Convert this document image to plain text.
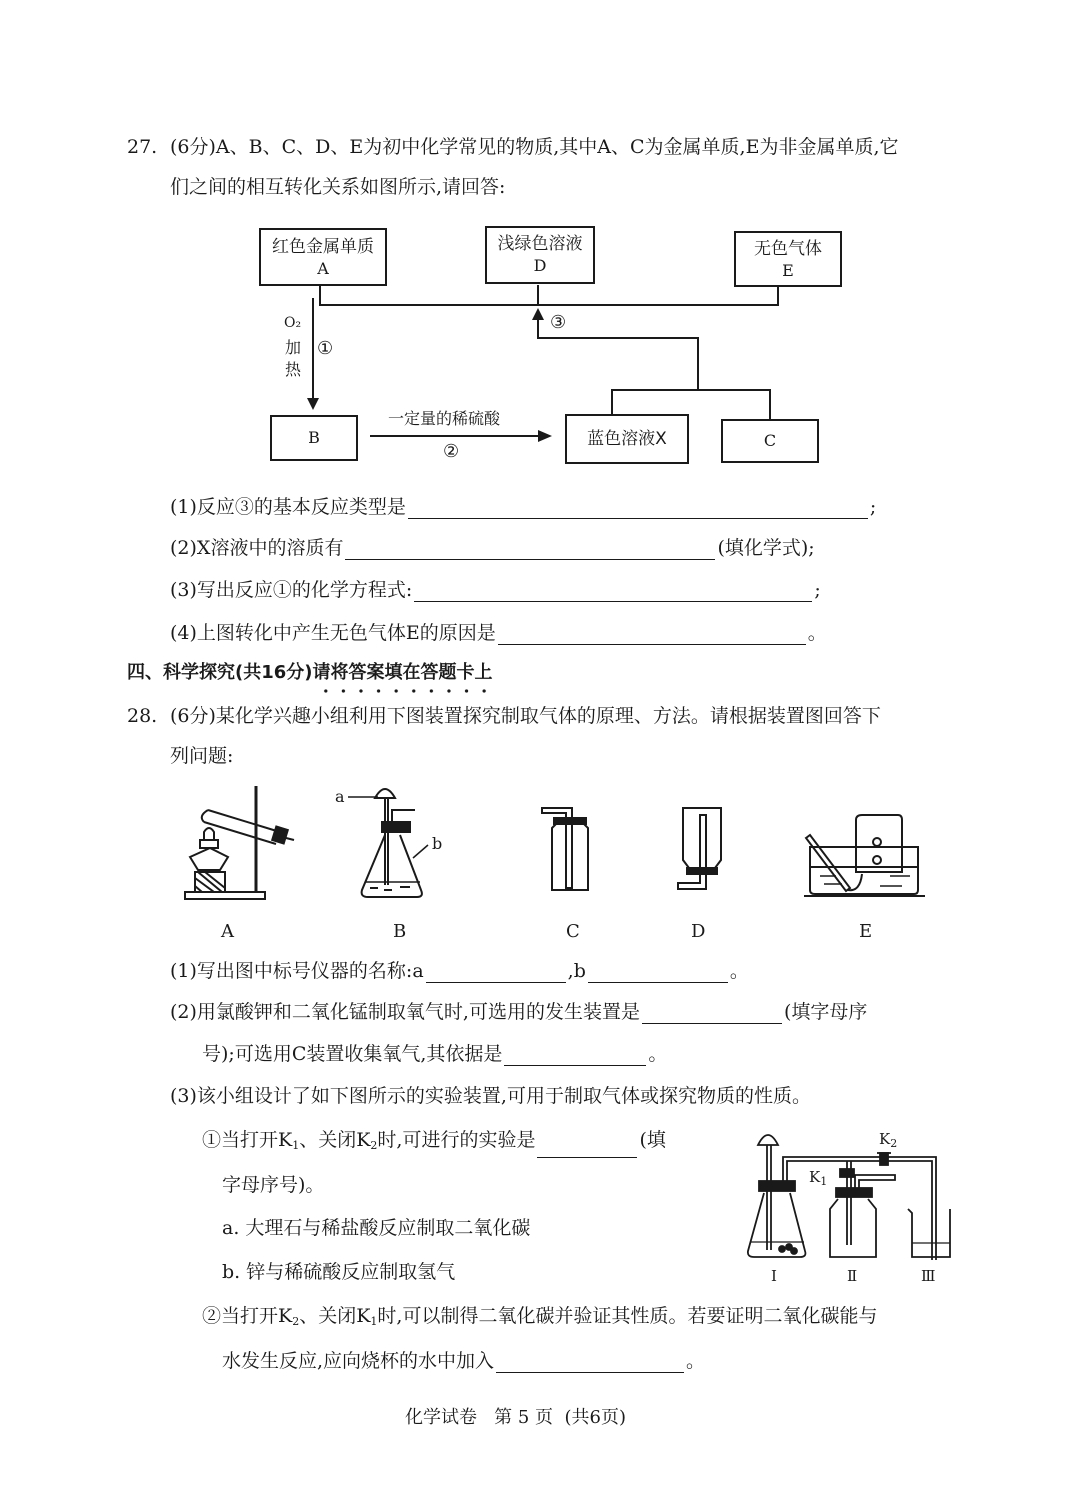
27. (6分)A、B、C、D、E为初中化学常见的物质,其中A、C为金属单质,E为非金属单质,它
们之间的相互转化关系如图所示,请回答:
红色金属单质
A
浅绿色溶液
D
无色气体
E
B	蓝色溶液X	C
O₂
加
热
①
一定量的稀硫酸
②
③
(1)反应③的基本反应类型是	;
(2)X溶液中的溶质有	(填化学式);
(3)写出反应①的化学方程式:	;
(4)上图转化中产生无色气体E的原因是	。
四、科学探究(共16分)请将答案填在答题卡上
28. (6分)某化学兴趣小组利用下图装置探究制取气体的原理、方法。请根据装置图回答下
列问题:
a
b
A	B	C	D	E
(1)写出图中标号仪器的名称:a	,b	。
(2)用氯酸钾和二氧化锰制取氧气时,可选用的发生装置是	(填字母序
号);可选用C装置收集氧气,其依据是	。
(3)该小组设计了如下图所示的实验装置,可用于制取气体或探究物质的性质。
①当打开$K_1$、关闭$K_2$时,可进行的实验是	(填
字母序号)。
a. 大理石与稀盐酸反应制取二氧化碳
b. 锌与稀硫酸反应制取氢气
$K_2$
$K_1$
Ⅰ	Ⅱ	Ⅲ
②当打开$K_2$、关闭$K_1$时,可以制得二氧化碳并验证其性质。若要证明二氧化碳能与
水发生反应,应向烧杯的水中加入	。
化学试卷   第 5 页  (共6页)
